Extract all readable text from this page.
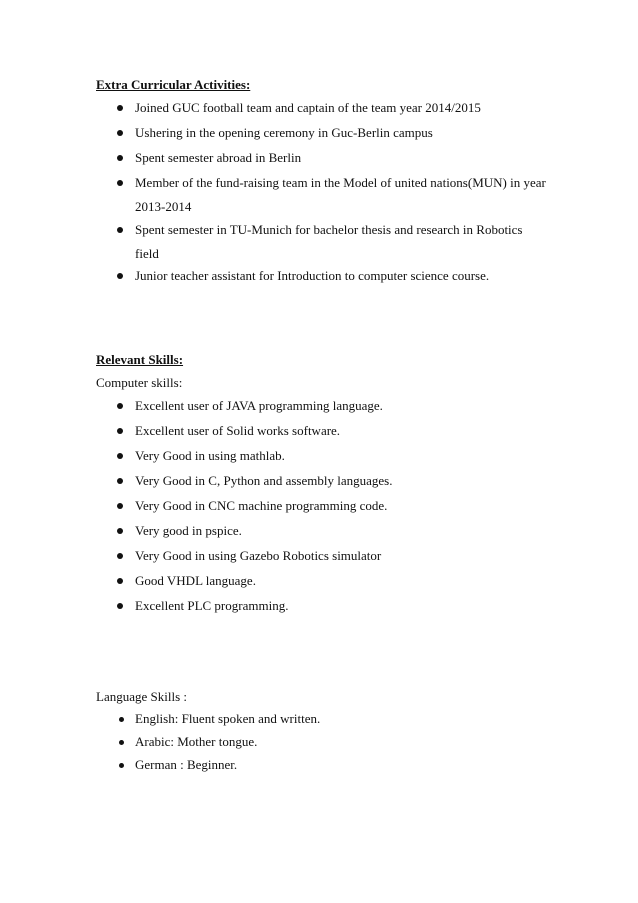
Extra Curricular Activities:
Joined GUC football team and captain of the team year 2014/2015
Ushering in the opening ceremony in Guc-Berlin campus
Spent semester abroad in Berlin
Member of the fund-raising team in the Model of united nations(MUN) in year
2013-2014
Spent semester in TU-Munich for bachelor thesis and research in Robotics
field
Junior teacher assistant for Introduction to computer science course.
Relevant Skills:
Computer skills:
Excellent user of JAVA programming language.
Excellent user of Solid works software.
Very Good in using mathlab.
Very Good in C, Python and assembly languages.
Very Good in CNC machine programming code.
Very good in pspice.
Very Good in using Gazebo Robotics simulator
Good VHDL language.
Excellent PLC programming.
Language Skills :
English: Fluent spoken and written.
Arabic: Mother tongue.
German : Beginner.
